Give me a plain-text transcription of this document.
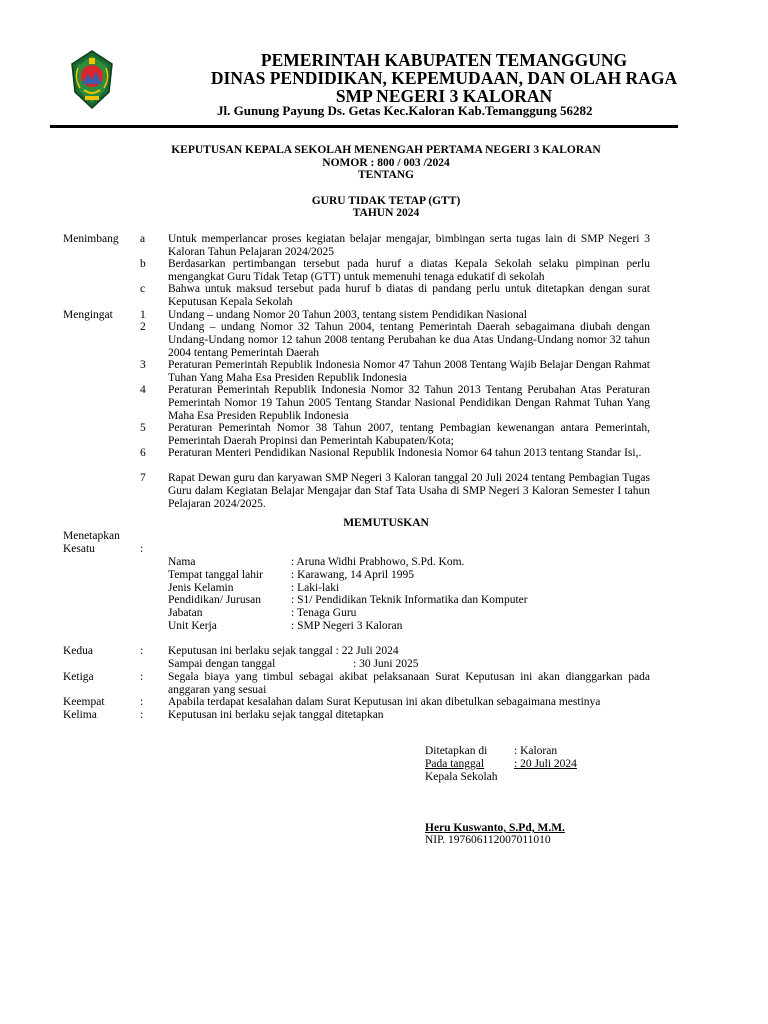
PEMERINTAH KABUPATEN TEMANGGUNG
DINAS PENDIDIKAN, KEPEMUDAAN, DAN OLAH RAGA
SMP NEGERI 3 KALORAN
Jl. Gunung Payung Ds. Getas Kec.Kaloran Kab.Temanggung 56282
KEPUTUSAN KEPALA SEKOLAH MENENGAH PERTAMA NEGERI 3 KALORAN
NOMOR : 800 / 003 /2024
TENTANG
GURU TIDAK TETAP (GTT)
TAHUN 2024
Menimbang a Untuk memperlancar proses kegiatan belajar mengajar, bimbingan serta tugas lain di SMP Negeri 3 Kaloran Tahun Pelajaran 2024/2025
b Berdasarkan pertimbangan tersebut pada huruf a diatas Kepala Sekolah selaku pimpinan perlu mengangkat Guru Tidak Tetap (GTT) untuk memenuhi tenaga edukatif di sekolah
c Bahwa untuk maksud tersebut pada huruf b diatas di pandang perlu untuk ditetapkan dengan surat Keputusan Kepala Sekolah
Mengingat 1 Undang – undang Nomor 20 Tahun 2003, tentang sistem Pendidikan Nasional
2 Undang – undang Nomor 32 Tahun 2004, tentang Pemerintah Daerah sebagaimana diubah dengan Undang-Undang nomor 12 tahun 2008 tentang Perubahan ke dua Atas Undang-Undang nomor 32 tahun 2004 tentang Pemerintah Daerah
3 Peraturan Pemerintah Republik Indonesia Nomor 47 Tahun 2008 Tentang Wajib Belajar Dengan Rahmat Tuhan Yang Maha Esa Presiden Republik Indonesia
4 Peraturan Pemerintah Republik Indonesia Nomor 32 Tahun 2013 Tentang Perubahan Atas Peraturan Pemerintah Nomor 19 Tahun 2005 Tentang Standar Nasional Pendidikan Dengan Rahmat Tuhan Yang Maha Esa Presiden Republik Indonesia
5 Peraturan Pemerintah Nomor 38 Tahun 2007, tentang Pembagian kewenangan antara Pemerintah, Pemerintah Daerah Propinsi dan Pemerintah Kabupaten/Kota;
6 Peraturan Menteri Pendidikan Nasional Republik Indonesia Nomor 64 tahun 2013 tentang Standar Isi,.
7 Rapat Dewan guru dan karyawan SMP Negeri 3 Kaloran tanggal 20 Juli 2024 tentang Pembagian Tugas Guru dalam Kegiatan Belajar Mengajar dan Staf Tata Usaha di SMP Negeri 3 Kaloran Semester I tahun Pelajaran 2024/2025.
MEMUTUSKAN
Menetapkan
Kesatu	:
Nama	: Aruna Widhi Prabhowo, S.Pd. Kom.
Tempat tanggal lahir : Karawang, 14 April 1995
Jenis Kelamin	: Laki-laki
Pendidikan/ Jurusan	: S1/ Pendidikan Teknik Informatika dan Komputer
Jabatan	: Tenaga Guru
Unit Kerja	: SMP Negeri 3 Kaloran
Kedua	: Keputusan ini berlaku sejak tanggal : 22 Juli 2024
Sampai dengan tanggal	: 30 Juni 2025
Ketiga	: Segala biaya yang timbul sebagai akibat pelaksanaan Surat Keputusan ini akan dianggarkan pada anggaran yang sesuai
Keempat	: Apabila terdapat kesalahan dalam Surat Keputusan ini akan dibetulkan sebagaimana mestinya
Kelima	: Keputusan ini berlaku sejak tanggal ditetapkan
Ditetapkan di : Kaloran
Pada tanggal	: 20 Juli 2024
Kepala Sekolah
Heru Kuswanto, S.Pd, M.M.
NIP. 197606112007011010
